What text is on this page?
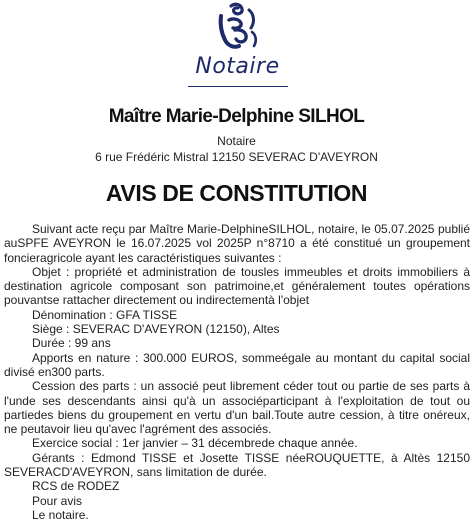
Notaire
Maître Marie-Delphine SILHOL
Notaire
6 rue Frédéric Mistral 12150 SEVERAC D'AVEYRON
AVIS DE CONSTITUTION

Suivant acte reçu par Maître Marie-DelphineSILHOL, notaire, le 05.07.2025 publié auSPFE AVEYRON le 16.07.2025 vol 2025P n°8710 a été constitué un groupement foncieragricole ayant les caractéristiques suivantes :

Objet : propriété et administration de tousles immeubles et droits immobiliers à destination agricole composant son patrimoine,et généralement toutes opérations pouvantse rattacher directement ou indirectementà l'objet

Dénomination : GFA TISSE

Siège : SEVERAC D'AVEYRON (12150), Altes

Durée : 99 ans

Apports en nature : 300.000 EUROS, sommeégale au montant du capital social divisé en300 parts.

Cession des parts : un associé peut librement céder tout ou partie de ses parts à l'unde ses descendants ainsi qu'à un associéparticipant à l'exploitation de tout ou partiedes biens du groupement en vertu d'un bail.Toute autre cession, à titre onéreux, ne peutavoir lieu qu'avec l'agrément des associés.

Exercice social : 1er janvier – 31 décembrede chaque année.

Gérants : Edmond TISSE et Josette TISSE néeROUQUETTE, à Altès 12150 SEVERACD'AVEYRON, sans limitation de durée.

RCS de RODEZ

Pour avis

Le notaire.
